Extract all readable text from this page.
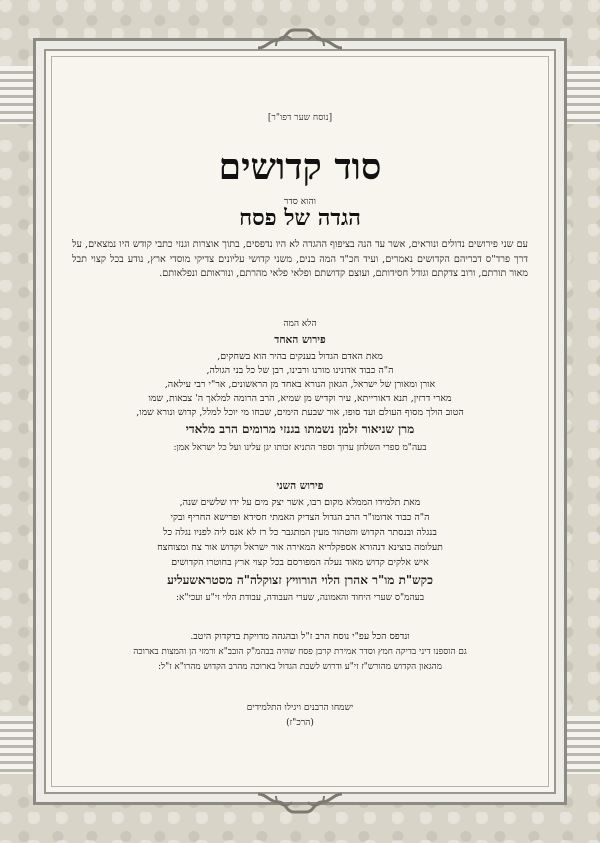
[נוסח שער דפו"ר]
סוד קדושים
והוא סדר
הגדה של פסח
עם שני פירושים נדולים ונוראים, אשר עד הנה בציפוף ההגדה לא היו נדפסים, בתוך אוצרות וגנזי כתבי קודש היו נמצאים, על דרך פרד"ס דבריהם הקדושים נאמרים, ועיד חכ"ד המה בנים, משני קדושי עליונים צדיקי מוסדי ארץ, נודע בכל קצוי תבל מאור תורתם, ורוב צדקתם וגודל חסידותם, ועוצם קדושתם ופלאי פלאי מהרתם, ונוראותם ונפלאותם.
הלא המה
פירוש האחד
מאת האדם הגדול בענקים בהיר הוא בשחקים,
ה"ה כבוד אדונינו מורנו ורבינו, רבן של כל בני הגולה,
אורן ומאורן של ישראל, הגאון הנורא באחד מן הראשונים, אר"י רבי עילאה,
מארי דרזין, תנא דאורייתא, עיר וקדיש מן שמיא, הרב הרומה למלאך ה' צבאות, שמו
הטוב הולך מסוף העולם ועד סופו, אור שבעת הימים, שבחו מי יוכל למלל, קדוש ונורא שמו,
מרן שניאור זלמן נשמתו בגנזי מרומים הרב מלאדי
בעה"מ ספרי השלחן ערוך וספר התניא זכותו יגן עלינו ועל כל ישראל אמן:
פירוש השני
מאת תלמידו הממלא מקום רבו, אשר יצק מים על ידו שלשים שנה,
ה"ה כבוד אדומו"ר הרב הגדול הצדיק האמתי חסידא ופרישא החריף ובקי
בנגלה ובנסתר הקדוש והטהור מעין המתגבר כל רז לא אנס ליה לפניו נגלה כל
תעלומה בוצינא דנהורא אספקלריא המאירה אור ישראל וקדוש אור צח ומצוחצח
איש אלקים קדוש מאוד נעלה המפורסם בכל קצוי ארץ בחוטרו הקדושים
כקש"ת מו"ר אהרן הלוי הורוויץ זצוקלה"ה מסטראשעליע
בעהמ"ס שערי היחוד והאמונה, שערי העבודה, עבודת הלוי זי"ע ועכי"א:
ונדפס הכל עפ"י נוסח הרב ז"ל ובהגהה מדויקת בדקדוק היטב.
גם הוספנו דיני בדיקה חמץ וסדר אמירת קרבן פסח שהיה בבהמ"ק הובב"א ורמזי הן והמצות בארוכה
מהגאון הקדוש מהורש"ז זי"ע ודרוש לשבת הגדול בארוכה מהרב הקדוש מהרו"א ז"ל:
ישמחו הרבנים ויגילו התלמידים
(הרכ"ז)
